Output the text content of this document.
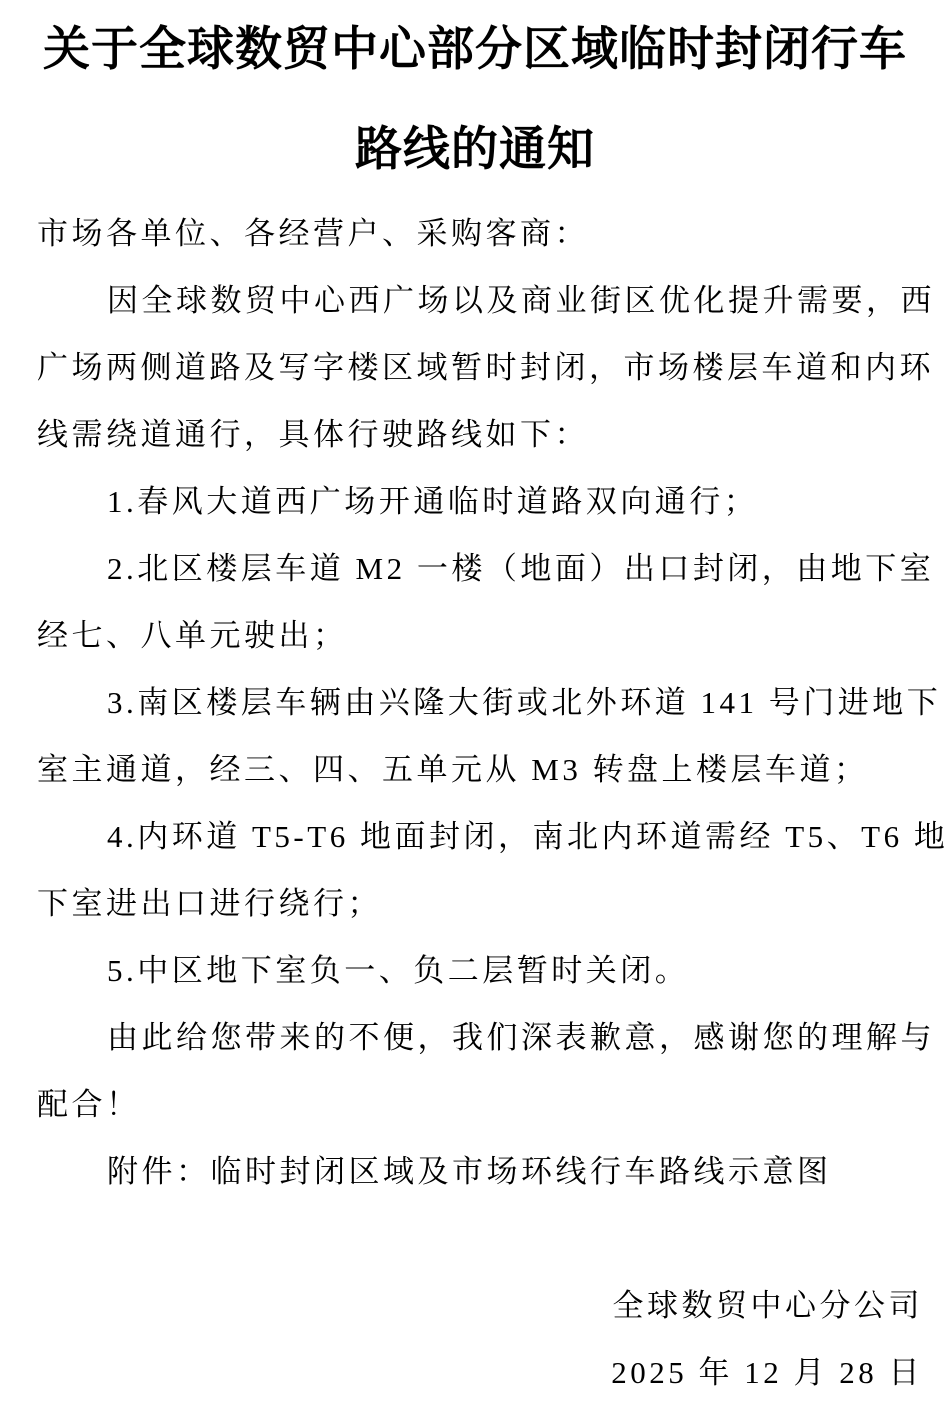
关于全球数贸中心部分区域临时封闭行车
路线的通知
市场各单位、各经营户、采购客商：
因全球数贸中心西广场以及商业街区优化提升需要，西
广场两侧道路及写字楼区域暂时封闭，市场楼层车道和内环
线需绕道通行，具体行驶路线如下：
1.春风大道西广场开通临时道路双向通行；
2.北区楼层车道 M2 一楼（地面）出口封闭，由地下室
经七、八单元驶出；
3.南区楼层车辆由兴隆大街或北外环道 141 号门进地下
室主通道，经三、四、五单元从 M3 转盘上楼层车道；
4.内环道 T5-T6 地面封闭，南北内环道需经 T5、T6 地
下室进出口进行绕行；
5.中区地下室负一、负二层暂时关闭。
由此给您带来的不便，我们深表歉意，感谢您的理解与
配合！
附件：临时封闭区域及市场环线行车路线示意图
全球数贸中心分公司
2025 年 12 月 28 日
